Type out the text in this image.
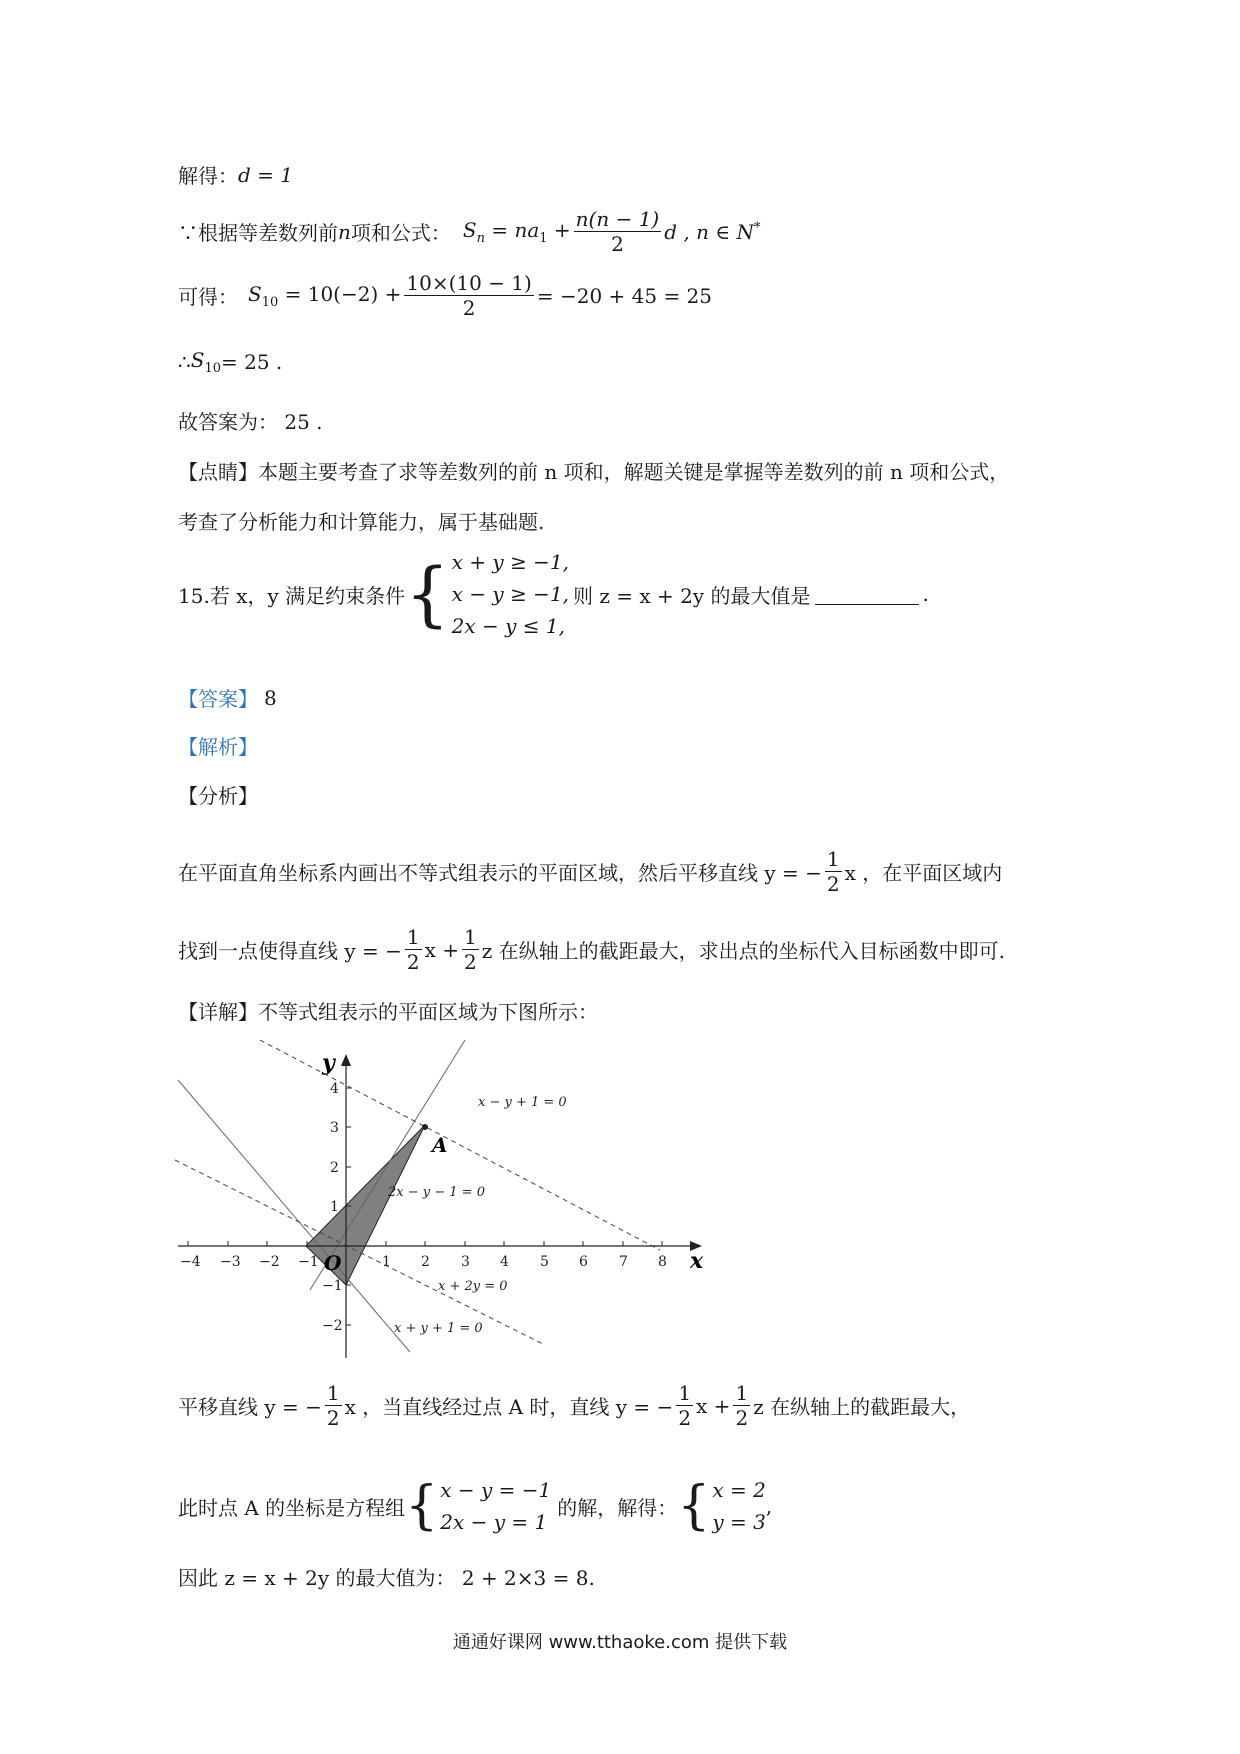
解得： d = 1
∵根据等差数列前 n 项和公式： $S_n = na_1 + \frac{n(n - 1)}{2}$ d , n ∈ N*
可得： $S_{10} = 10(-2) + \frac{10\times(10 - 1)}{2} = -20 + 45 = 25$
∴ $S_{10} = 25$ .
故答案为： 25 .
【点睛】本题主要考查了求等差数列的前 n 项和，解题关键是掌握等差数列的前 n 项和公式，
考查了分析能力和计算能力，属于基础题.
15.若 x，y 满足约束条件 { x + y ≥ −1,
x − y ≥ −1,
2x − y ≤ 1,
则 z = x + 2y 的最大值是	.
【答案】 8
【解析】
【分析】
在平面直角坐标系内画出不等式组表示的平面区域，然后平移直线 y = − $\frac{1}{2}$ x ，在平面区域内
找到一点使得直线 y = − $\frac{1}{2}$ $x + \frac{1}{2}$ z 在纵轴上的截距最大，求出点的坐标代入目标函数中即可.
【详解】不等式组表示的平面区域为下图所示：
−4 −3 −2 −1	1 2 3 4 5 6 7 8
4
3
2
1
−1
−2
y
x
O
A
x − y + 1 = 0
2x − y − 1 = 0
x + 2y = 0
x + y + 1 = 0
平移直线 y = − $\frac{1}{2}$ x ，当直线经过点 A 时，直线 y = − $\frac{1}{2}$ $x + \frac{1}{2}$ z 在纵轴上的截距最大，
此时点 A 的坐标是方程组 { x − y = −1
2x − y = 1
的解，解得： { x = 2
y = 3
,
因此 z = x + 2y 的最大值为： 2 + 2×3 = 8.
通通好课网 www.tthaoke.com 提供下载
